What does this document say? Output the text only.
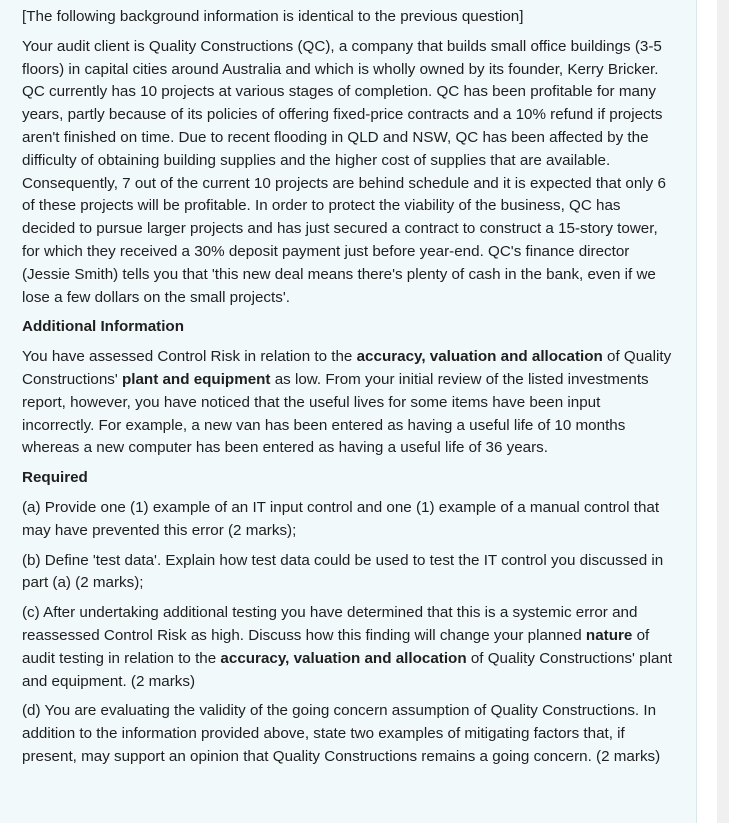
[The following background information is identical to the previous question]

Your audit client is Quality Constructions (QC), a company that builds small office buildings (3-5 floors) in capital cities around Australia and which is wholly owned by its founder, Kerry Bricker. QC currently has 10 projects at various stages of completion. QC has been profitable for many years, partly because of its policies of offering fixed-price contracts and a 10% refund if projects aren't finished on time. Due to recent flooding in QLD and NSW, QC has been affected by the difficulty of obtaining building supplies and the higher cost of supplies that are available. Consequently, 7 out of the current 10 projects are behind schedule and it is expected that only 6 of these projects will be profitable. In order to protect the viability of the business, QC has decided to pursue larger projects and has just secured a contract to construct a 15-story tower, for which they received a 30% deposit payment just before year-end. QC's finance director (Jessie Smith) tells you that 'this new deal means there's plenty of cash in the bank, even if we lose a few dollars on the small projects'.

Additional Information

You have assessed Control Risk in relation to the accuracy, valuation and allocation of Quality Constructions' plant and equipment as low. From your initial review of the listed investments report, however, you have noticed that the useful lives for some items have been input incorrectly. For example, a new van has been entered as having a useful life of 10 months whereas a new computer has been entered as having a useful life of 36 years.

Required

(a) Provide one (1) example of an IT input control and one (1) example of a manual control that may have prevented this error (2 marks);

(b) Define 'test data'. Explain how test data could be used to test the IT control you discussed in part (a) (2 marks);

(c) After undertaking additional testing you have determined that this is a systemic error and reassessed Control Risk as high. Discuss how this finding will change your planned nature of audit testing in relation to the accuracy, valuation and allocation of Quality Constructions' plant and equipment. (2 marks)

(d) You are evaluating the validity of the going concern assumption of Quality Constructions. In addition to the information provided above, state two examples of mitigating factors that, if present, may support an opinion that Quality Constructions remains a going concern. (2 marks)
